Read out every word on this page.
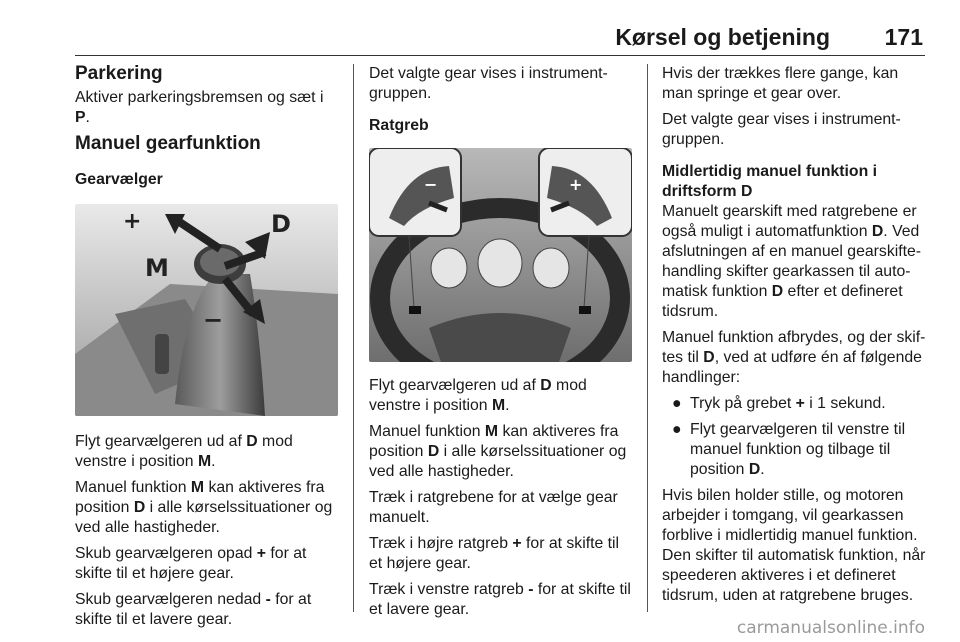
Kørsel og betjening 171
Parkering

Aktiver parkeringsbremsen og sæt i P.

Manuel gearfunktion
Gearvælger
+	D
M
−

Flyt gearvælgeren ud af D mod venstre i position M.

Manuel funktion M kan aktiveres fra position D i alle kørselssituationer og ved alle hastigheder.

Skub gearvælgeren opad + for at skifte til et højere gear.

Skub gearvælgeren nedad - for at skifte til et lavere gear.

Det valgte gear vises i instrument-gruppen.

Ratgreb
−	+

Flyt gearvælgeren ud af D mod venstre i position M.

Manuel funktion M kan aktiveres fra position D i alle kørselssituationer og ved alle hastigheder.

Træk i ratgrebene for at vælge gear manuelt.

Træk i højre ratgreb + for at skifte til et højere gear.

Træk i venstre ratgreb - for at skifte til et lavere gear.

Hvis der trækkes flere gange, kan man springe et gear over.

Det valgte gear vises i instrument-gruppen.

Midlertidig manuel funktion i driftsform D

Manuelt gearskift med ratgrebene er også muligt i automatfunktion D. Ved afslutningen af en manuel gearskifte-handling skifter gearkassen til auto-matisk funktion D efter et defineret tidsrum.

Manuel funktion afbrydes, og der skif-tes til D, ved at udføre én af følgende handlinger:

● Tryk på grebet + i 1 sekund.
● Flyt gearvælgeren til venstre til manuel funktion og tilbage til position D.

Hvis bilen holder stille, og motoren arbejder i tomgang, vil gearkassen forblive i midlertidig manuel funktion. Den skifter til automatisk funktion, når speederen aktiveres i et defineret tidsrum, uden at ratgrebene bruges.

carmanualsonline.info
